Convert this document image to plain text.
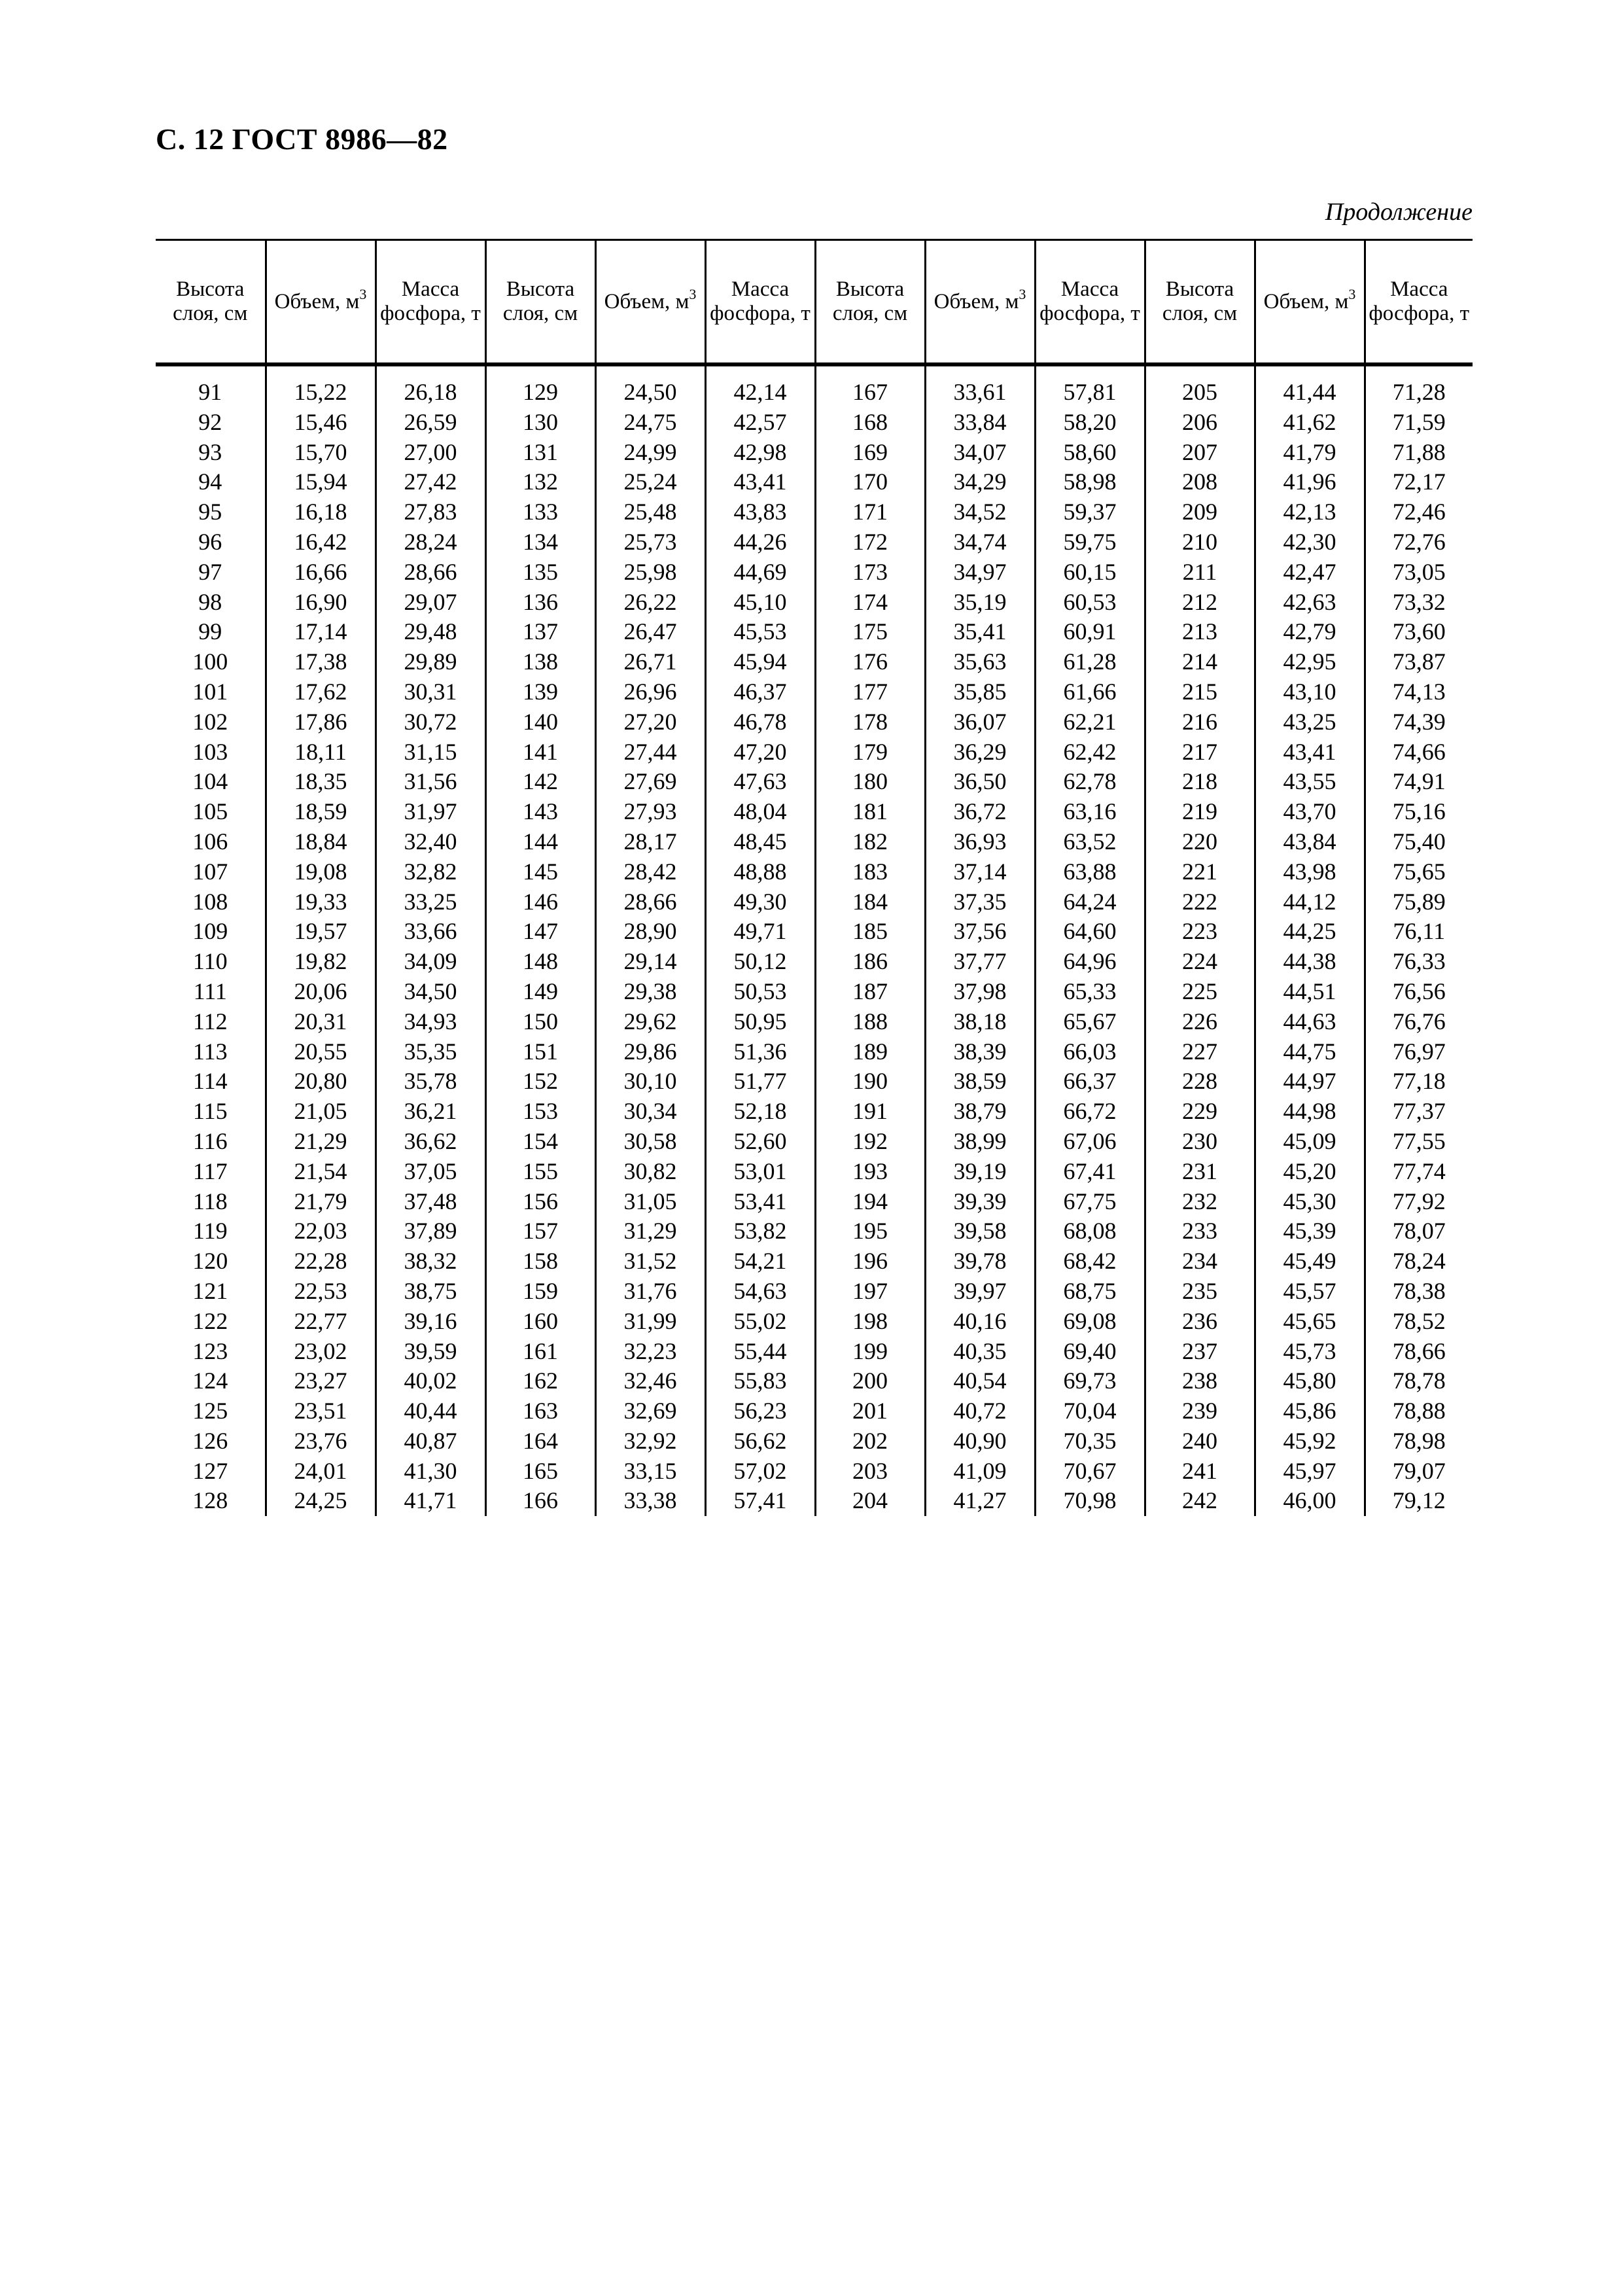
С. 12 ГОСТ 8986—82
Продолжение
Высота слоя, см	Объем, $м^3$	Масса фосфора, т	Высота слоя, см	Объем, $м^3$	Масса фосфора, т	Высота слоя, см	Объем, $м^3$	Масса фосфора, т	Высота слоя, см	Объем, $м^3$	Масса фосфора, т

91	15,22	26,18	129	24,50	42,14	167	33,61	57,81	205	41,44	71,28
92	15,46	26,59	130	24,75	42,57	168	33,84	58,20	206	41,62	71,59
93	15,70	27,00	131	24,99	42,98	169	34,07	58,60	207	41,79	71,88
94	15,94	27,42	132	25,24	43,41	170	34,29	58,98	208	41,96	72,17
95	16,18	27,83	133	25,48	43,83	171	34,52	59,37	209	42,13	72,46
96	16,42	28,24	134	25,73	44,26	172	34,74	59,75	210	42,30	72,76
97	16,66	28,66	135	25,98	44,69	173	34,97	60,15	211	42,47	73,05
98	16,90	29,07	136	26,22	45,10	174	35,19	60,53	212	42,63	73,32
99	17,14	29,48	137	26,47	45,53	175	35,41	60,91	213	42,79	73,60
100	17,38	29,89	138	26,71	45,94	176	35,63	61,28	214	42,95	73,87
101	17,62	30,31	139	26,96	46,37	177	35,85	61,66	215	43,10	74,13
102	17,86	30,72	140	27,20	46,78	178	36,07	62,21	216	43,25	74,39
103	18,11	31,15	141	27,44	47,20	179	36,29	62,42	217	43,41	74,66
104	18,35	31,56	142	27,69	47,63	180	36,50	62,78	218	43,55	74,91
105	18,59	31,97	143	27,93	48,04	181	36,72	63,16	219	43,70	75,16
106	18,84	32,40	144	28,17	48,45	182	36,93	63,52	220	43,84	75,40
107	19,08	32,82	145	28,42	48,88	183	37,14	63,88	221	43,98	75,65
108	19,33	33,25	146	28,66	49,30	184	37,35	64,24	222	44,12	75,89
109	19,57	33,66	147	28,90	49,71	185	37,56	64,60	223	44,25	76,11
110	19,82	34,09	148	29,14	50,12	186	37,77	64,96	224	44,38	76,33
111	20,06	34,50	149	29,38	50,53	187	37,98	65,33	225	44,51	76,56
112	20,31	34,93	150	29,62	50,95	188	38,18	65,67	226	44,63	76,76
113	20,55	35,35	151	29,86	51,36	189	38,39	66,03	227	44,75	76,97
114	20,80	35,78	152	30,10	51,77	190	38,59	66,37	228	44,97	77,18
115	21,05	36,21	153	30,34	52,18	191	38,79	66,72	229	44,98	77,37
116	21,29	36,62	154	30,58	52,60	192	38,99	67,06	230	45,09	77,55
117	21,54	37,05	155	30,82	53,01	193	39,19	67,41	231	45,20	77,74
118	21,79	37,48	156	31,05	53,41	194	39,39	67,75	232	45,30	77,92
119	22,03	37,89	157	31,29	53,82	195	39,58	68,08	233	45,39	78,07
120	22,28	38,32	158	31,52	54,21	196	39,78	68,42	234	45,49	78,24
121	22,53	38,75	159	31,76	54,63	197	39,97	68,75	235	45,57	78,38
122	22,77	39,16	160	31,99	55,02	198	40,16	69,08	236	45,65	78,52
123	23,02	39,59	161	32,23	55,44	199	40,35	69,40	237	45,73	78,66
124	23,27	40,02	162	32,46	55,83	200	40,54	69,73	238	45,80	78,78
125	23,51	40,44	163	32,69	56,23	201	40,72	70,04	239	45,86	78,88
126	23,76	40,87	164	32,92	56,62	202	40,90	70,35	240	45,92	78,98
127	24,01	41,30	165	33,15	57,02	203	41,09	70,67	241	45,97	79,07
128	24,25	41,71	166	33,38	57,41	204	41,27	70,98	242	46,00	79,12
